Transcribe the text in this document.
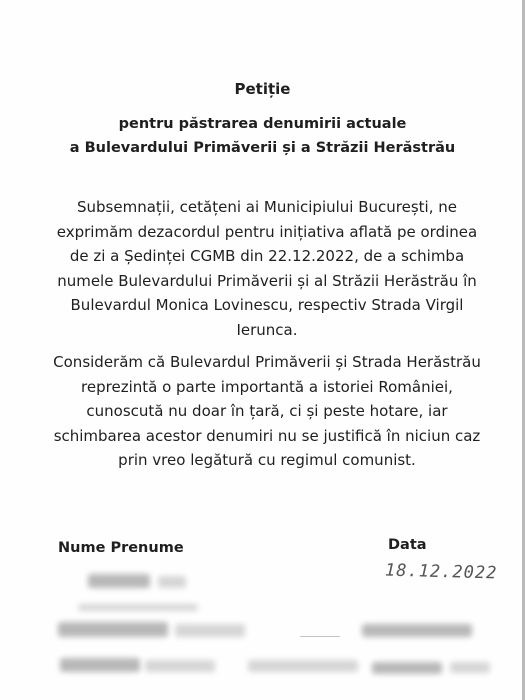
Petiție
pentru păstrarea denumirii actuale
a Bulevardului Primăverii și a Străzii Herăstrău
Subsemnații, cetățeni ai Municipiului București, ne exprimăm dezacordul pentru inițiativa aflată pe ordinea de zi a Ședinței CGMB din 22.12.2022, de a schimba numele Bulevardului Primăverii și al Străzii Herăstrău în Bulevardul Monica Lovinescu, respectiv Strada Virgil Ierunca.
Considerăm că Bulevardul Primăverii și Strada Herăstrău reprezintă o parte importantă a istoriei României, cunoscută nu doar în țară, ci și peste hotare, iar schimbarea acestor denumiri nu se justifică în niciun caz prin vreo legătură cu regimul comunist.
Nume Prenume	Data
18.12.2022
